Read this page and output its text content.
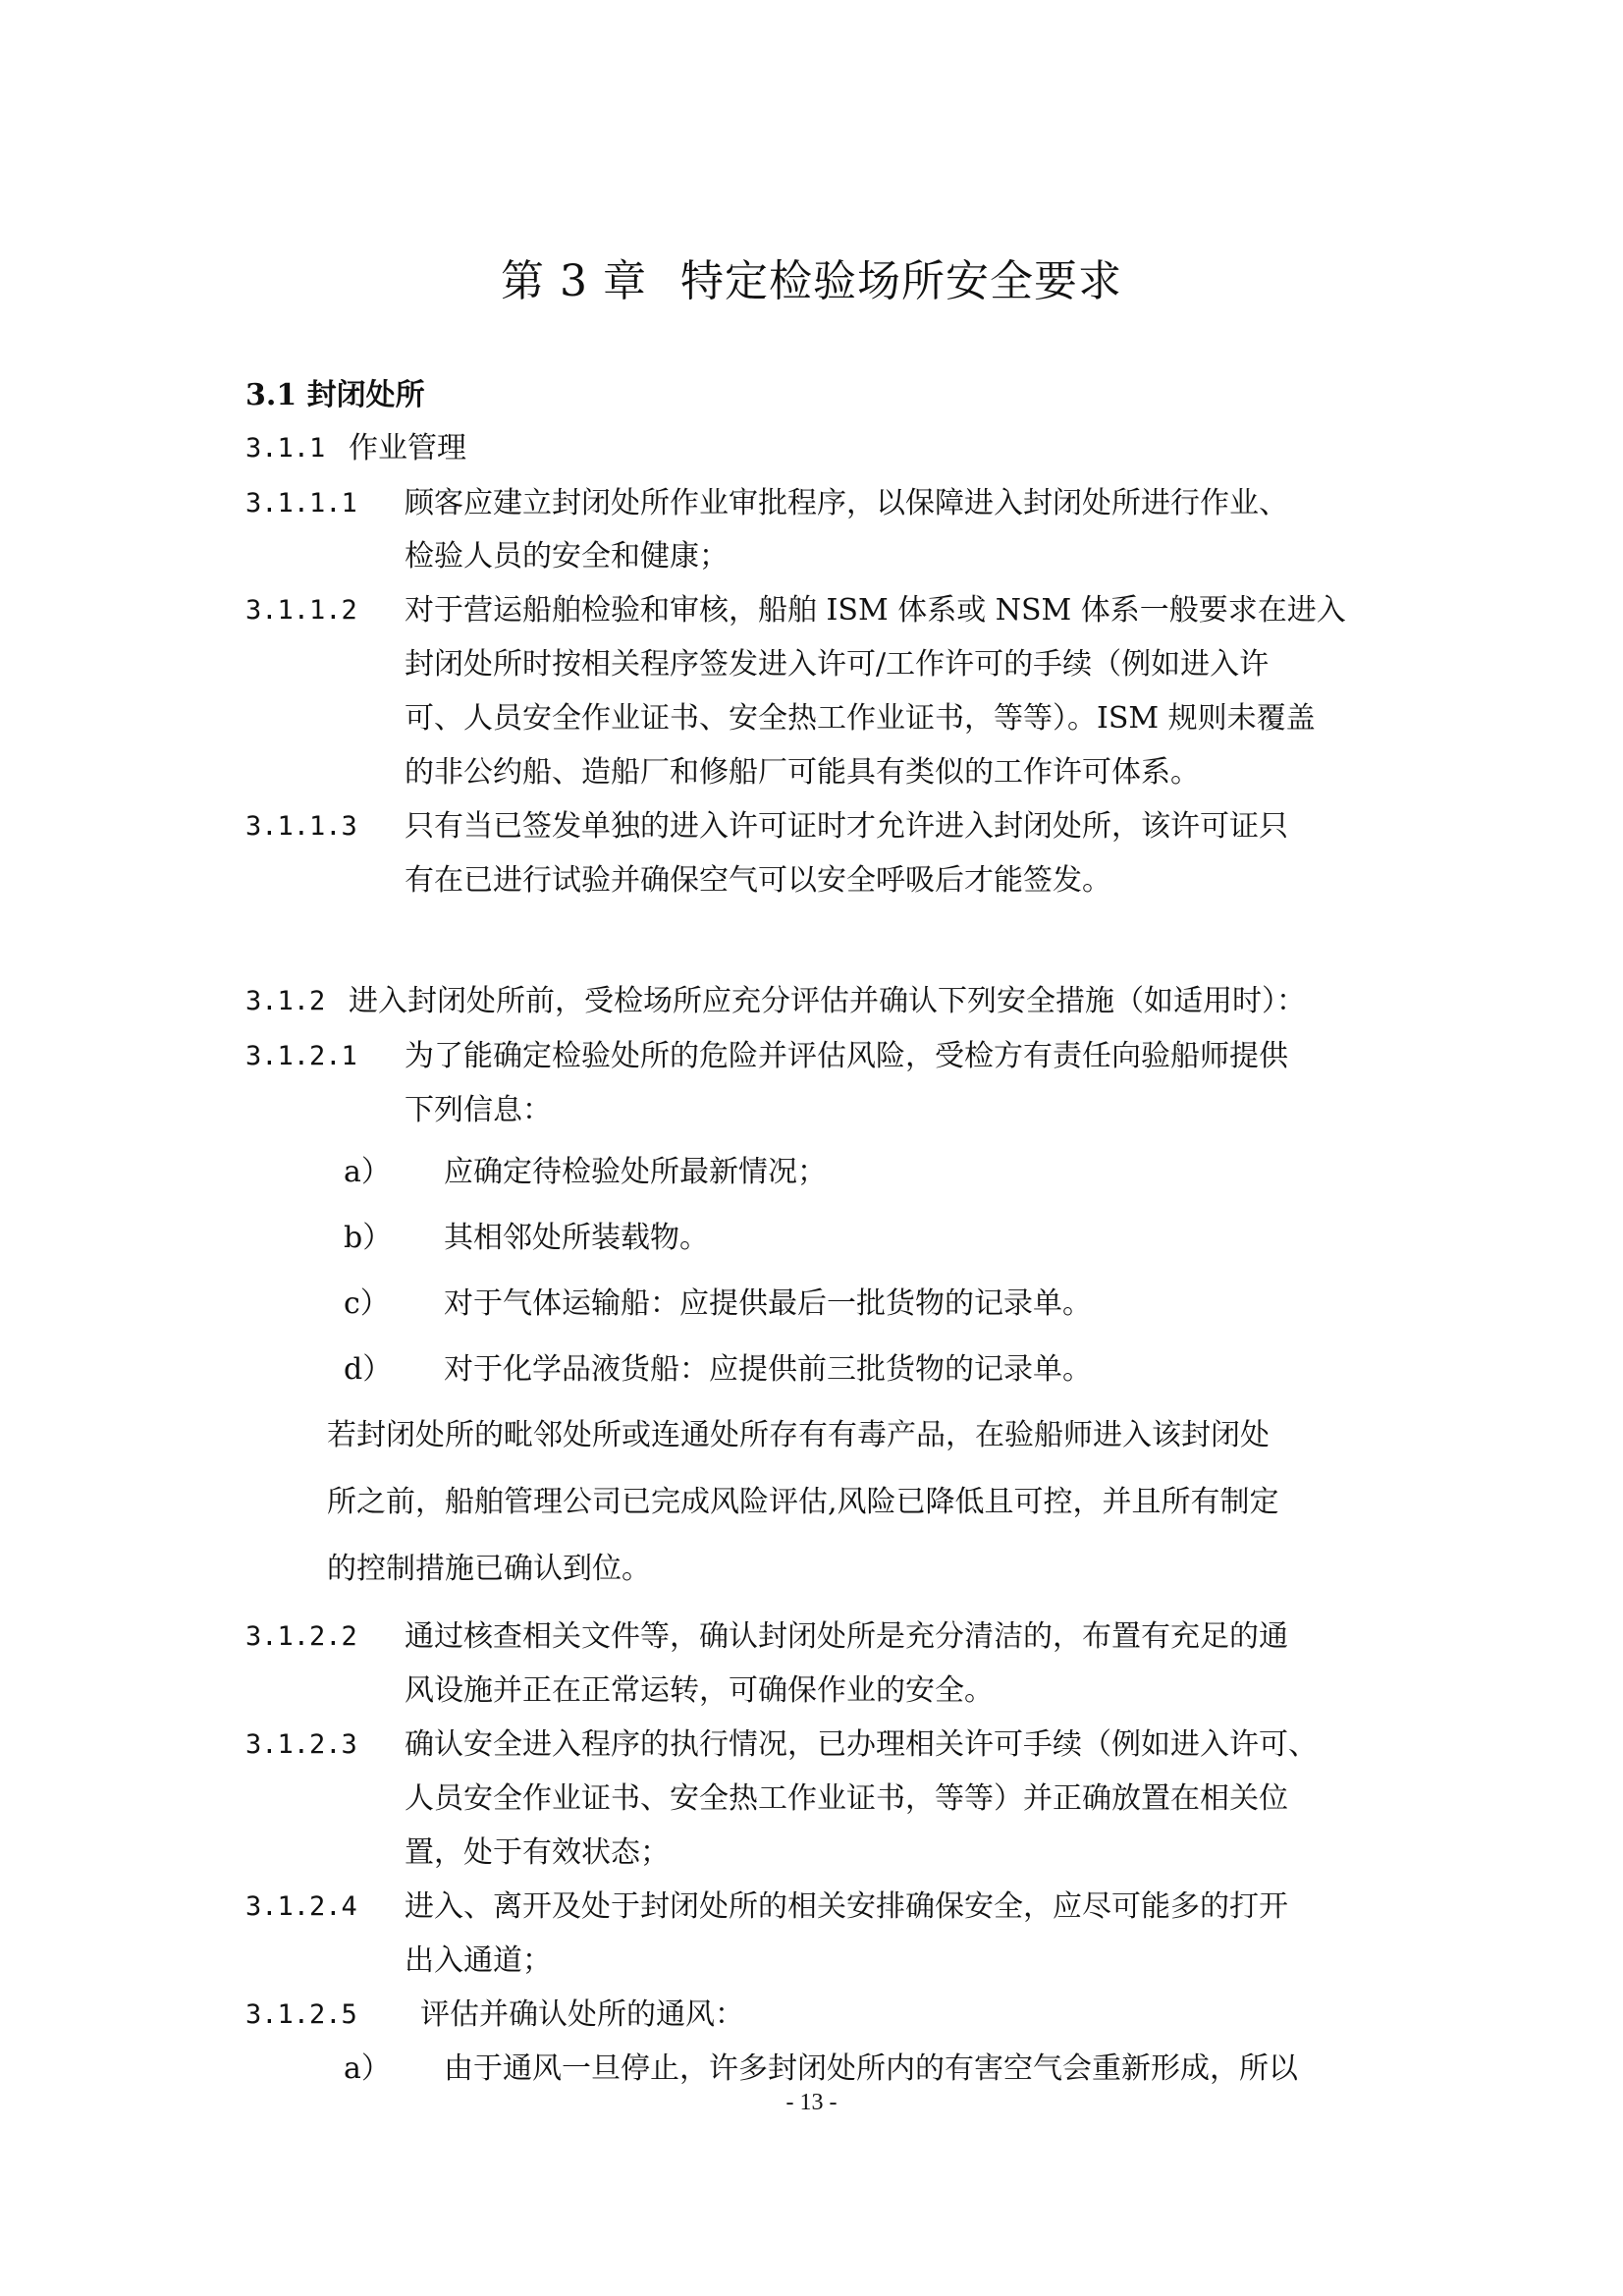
第 3 章 特定检验场所安全要求
3.1 封闭处所
3.1.1 作业管理
3.1.1.1 顾客应建立封闭处所作业审批程序，以保障进入封闭处所进行作业、
检验人员的安全和健康；
3.1.1.2 对于营运船舶检验和审核，船舶 ISM 体系或 NSM 体系一般要求在进入
封闭处所时按相关程序签发进入许可/工作许可的手续（例如进入许
可、人员安全作业证书、安全热工作业证书，等等）。ISM 规则未覆盖
的非公约船、造船厂和修船厂可能具有类似的工作许可体系。
3.1.1.3 只有当已签发单独的进入许可证时才允许进入封闭处所，该许可证只
有在已进行试验并确保空气可以安全呼吸后才能签发。
3.1.2 进入封闭处所前，受检场所应充分评估并确认下列安全措施（如适用时）：
3.1.2.1 为了能确定检验处所的危险并评估风险，受检方有责任向验船师提供
下列信息：
a） 应确定待检验处所最新情况；
b） 其相邻处所装载物。
c） 对于气体运输船：应提供最后一批货物的记录单。
d） 对于化学品液货船：应提供前三批货物的记录单。
若封闭处所的毗邻处所或连通处所存有有毒产品，在验船师进入该封闭处
所之前，船舶管理公司已完成风险评估,风险已降低且可控，并且所有制定
的控制措施已确认到位。
3.1.2.2 通过核查相关文件等，确认封闭处所是充分清洁的，布置有充足的通
风设施并正在正常运转，可确保作业的安全。
3.1.2.3 确认安全进入程序的执行情况，已办理相关许可手续（例如进入许可、
人员安全作业证书、安全热工作业证书，等等）并正确放置在相关位
置，处于有效状态；
3.1.2.4 进入、离开及处于封闭处所的相关安排确保安全，应尽可能多的打开
出入通道；
3.1.2.5 评估并确认处所的通风：
a） 由于通风一旦停止，许多封闭处所内的有害空气会重新形成，所以
- 13 -
